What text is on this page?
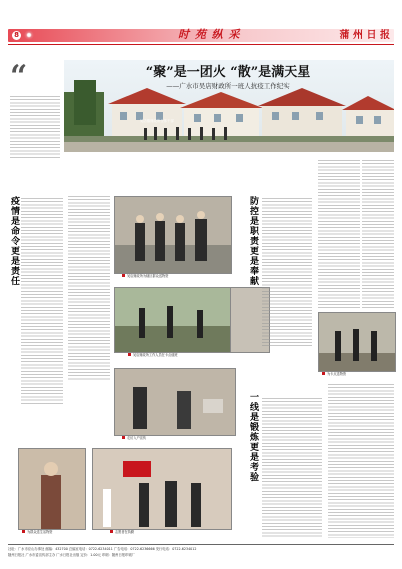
8	时 苑 纵 采	蒲 州 日 报
“	“聚”是一团火 “散”是满天星
——广水市吴店财政所一班人抗疫工作纪实
吴店镇财政所全体干部
疫情是命令更是责任	吴店财政所为辖区群众送物资
吴店财政所工作人员在卡点值班
走访入户宣传
为群众送生活物资	志愿者在执勤
防控是职责更是奉献
为卡点送物资
一线是锻炼更是考验
社址：广水市应山办事处 邮编：432700 总编室电话：0722-6234011 广告电话：0722-6236666 发行电话：0722-6234012
随州日报社 广水市委宣传部主办 广水日报社出版 定价：1.00元 印刷：随州日报印刷厂
